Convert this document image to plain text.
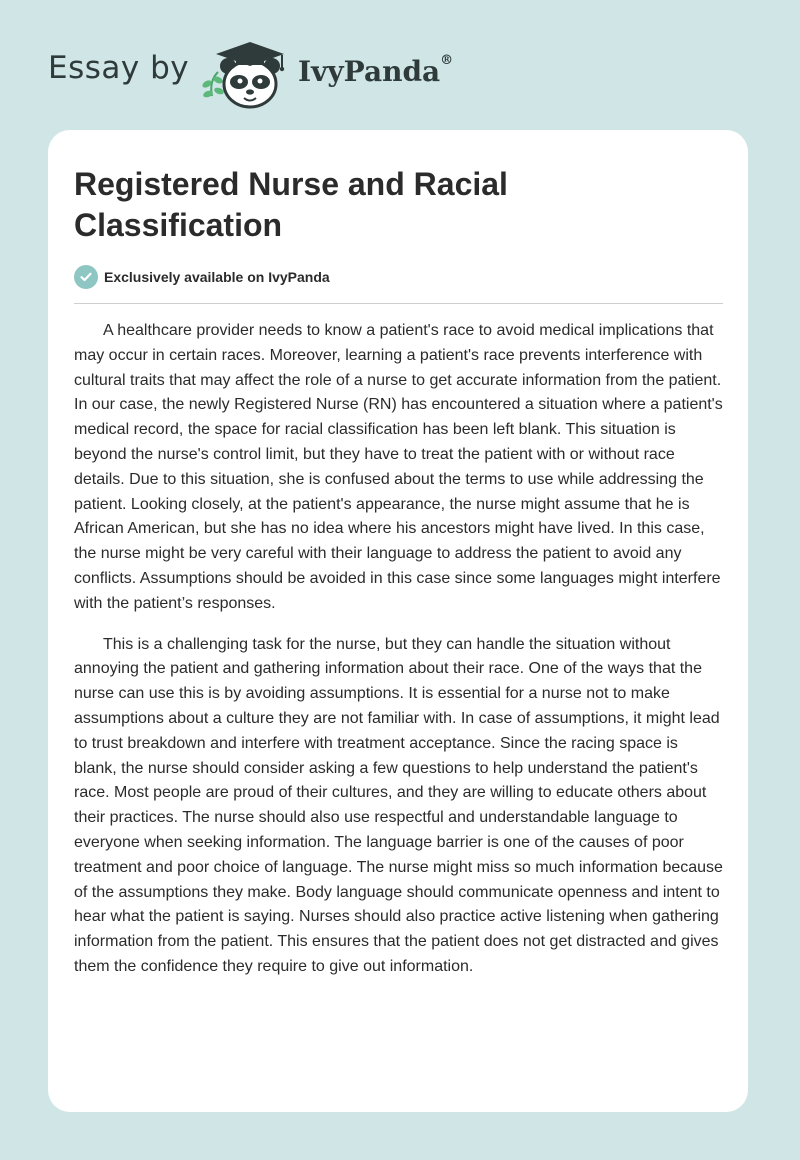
Essay by	IvyPanda®
Registered Nurse and Racial Classification
Exclusively available on IvyPanda

A healthcare provider needs to know a patient's race to avoid medical implications that may occur in certain races. Moreover, learning a patient's race prevents interference with cultural traits that may affect the role of a nurse to get accurate information from the patient. In our case, the newly Registered Nurse (RN) has encountered a situation where a patient's medical record, the space for racial classification has been left blank. This situation is beyond the nurse's control limit, but they have to treat the patient with or without race details. Due to this situation, she is confused about the terms to use while addressing the patient. Looking closely, at the patient's appearance, the nurse might assume that he is African American, but she has no idea where his ancestors might have lived. In this case, the nurse might be very careful with their language to address the patient to avoid any conflicts. Assumptions should be avoided in this case since some languages might interfere with the patient’s responses.

This is a challenging task for the nurse, but they can handle the situation without annoying the patient and gathering information about their race. One of the ways that the nurse can use this is by avoiding assumptions. It is essential for a nurse not to make assumptions about a culture they are not familiar with. In case of assumptions, it might lead to trust breakdown and interfere with treatment acceptance. Since the racing space is blank, the nurse should consider asking a few questions to help understand the patient's race. Most people are proud of their cultures, and they are willing to educate others about their practices. The nurse should also use respectful and understandable language to everyone when seeking information. The language barrier is one of the causes of poor treatment and poor choice of language. The nurse might miss so much information because of the assumptions they make. Body language should communicate openness and intent to hear what the patient is saying. Nurses should also practice active listening when gathering information from the patient. This ensures that the patient does not get distracted and gives them the confidence they require to give out information.
